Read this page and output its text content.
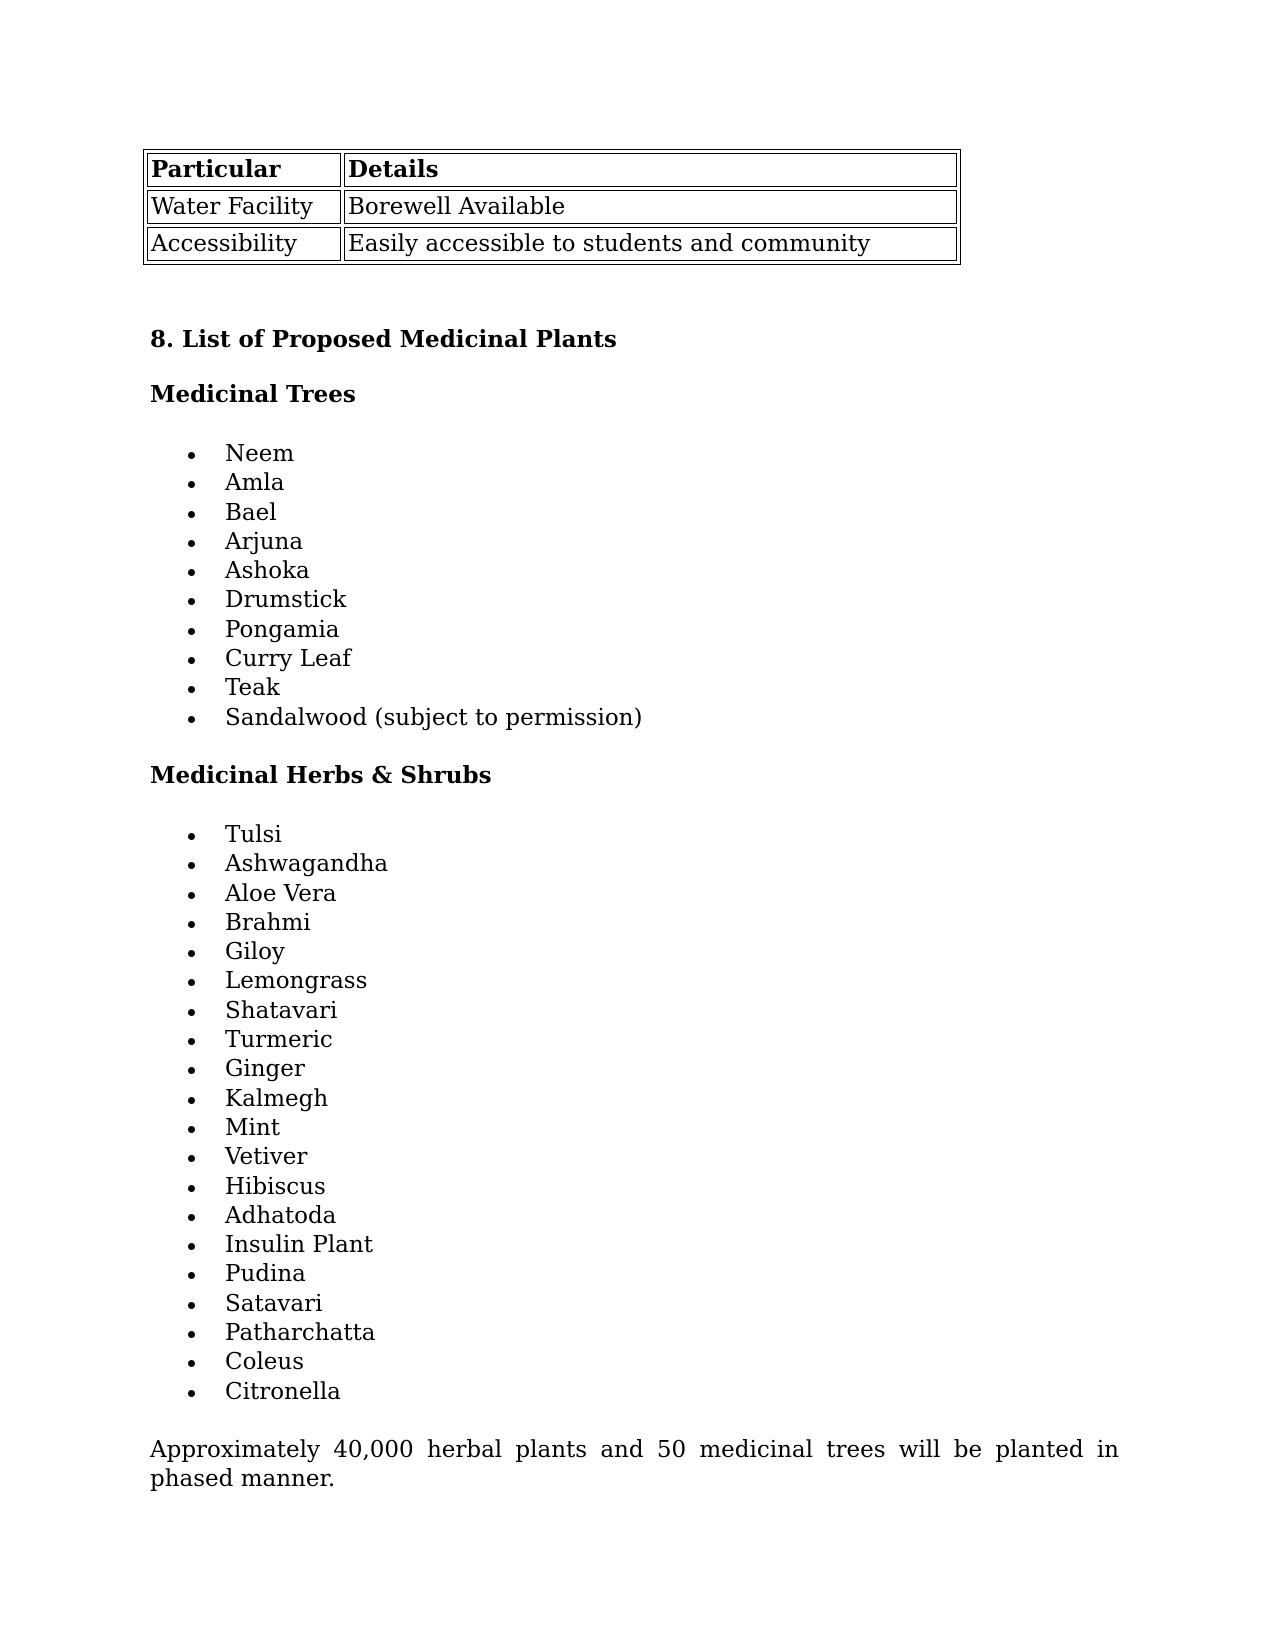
Particular	Details
Water Facility	Borewell Available
Accessibility	Easily accessible to students and community
8. List of Proposed Medicinal Plants
Medicinal Trees
Neem
Amla
Bael
Arjuna
Ashoka
Drumstick
Pongamia
Curry Leaf
Teak
Sandalwood (subject to permission)
Medicinal Herbs & Shrubs
Tulsi
Ashwagandha
Aloe Vera
Brahmi
Giloy
Lemongrass
Shatavari
Turmeric
Ginger
Kalmegh
Mint
Vetiver
Hibiscus
Adhatoda
Insulin Plant
Pudina
Satavari
Patharchatta
Coleus
Citronella

Approximately 40,000 herbal plants and 50 medicinal trees will be planted in phased manner.
